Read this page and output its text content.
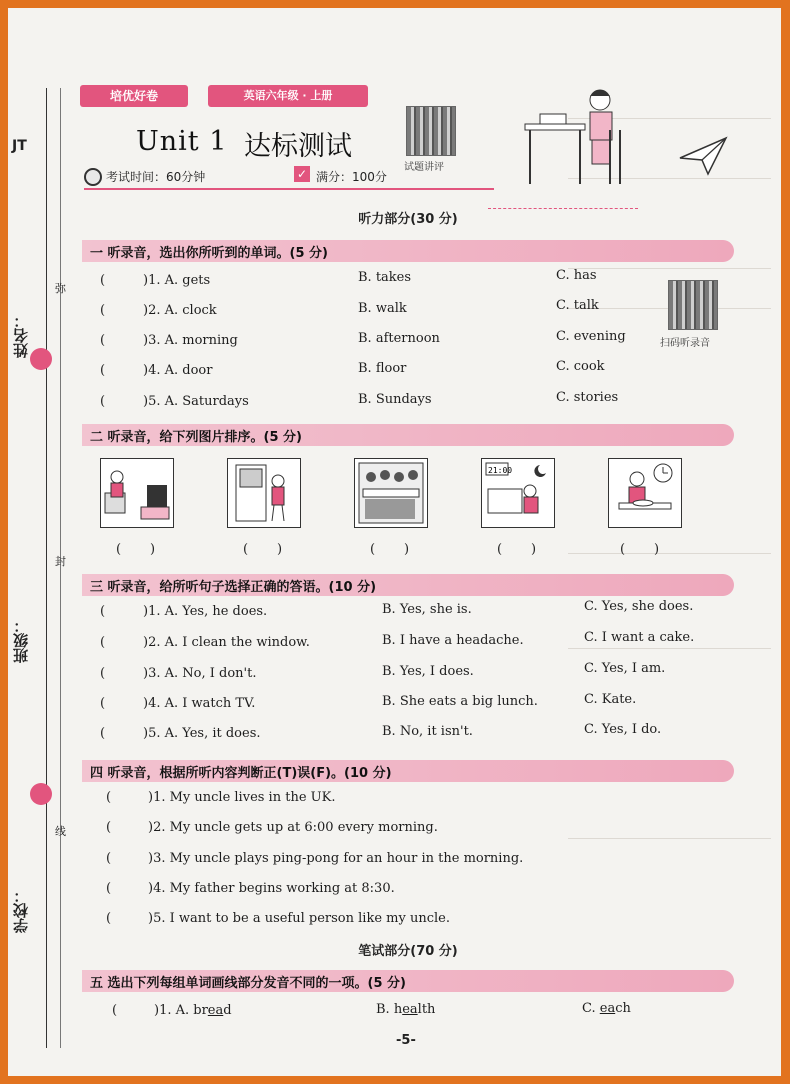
JT
姓名：
班级：
学校：
弥
封
线
培优好卷	英语六年级 · 上册
Unit 1 达标测试
试题讲评
考试时间：60分钟	✓ 满分：100分
听力部分(30 分)
一 听录音，选出你所听到的单词。(5 分)
扫码听录音
(	)1. A. gets	B. takes	C. has
(	)2. A. clock	B. walk	C. talk
(	)3. A. morning	B. afternoon	C. evening
(	)4. A. door	B. floor	C. cook
(	)5. A. Saturdays	B. Sundays	C. stories
二 听录音，给下列图片排序。(5 分)
21:00
(       )	(       )	(       )	(       )	(       )
三 听录音，给所听句子选择正确的答语。(10 分)
(	)1. A. Yes, he does.	B. Yes, she is.	C. Yes, she does.
(	)2. A. I clean the window.	B. I have a headache.	C. I want a cake.
(	)3. A. No, I don't.	B. Yes, I does.	C. Yes, I am.
(	)4. A. I watch TV.	B. She eats a big lunch.	C. Kate.
(	)5. A. Yes, it does.	B. No, it isn't.	C. Yes, I do.
四 听录音，根据所听内容判断正(T)误(F)。(10 分)
(	)1. My uncle lives in the UK.
(	)2. My uncle gets up at 6:00 every morning.
(	)3. My uncle plays ping-pong for an hour in the morning.
(	)4. My father begins working at 8:30.
(	)5. I want to be a useful person like my uncle.
笔试部分(70 分)
五 选出下列每组单词画线部分发音不同的一项。(5 分)
(	)1. A. bread	B. health	C. each
-5-
